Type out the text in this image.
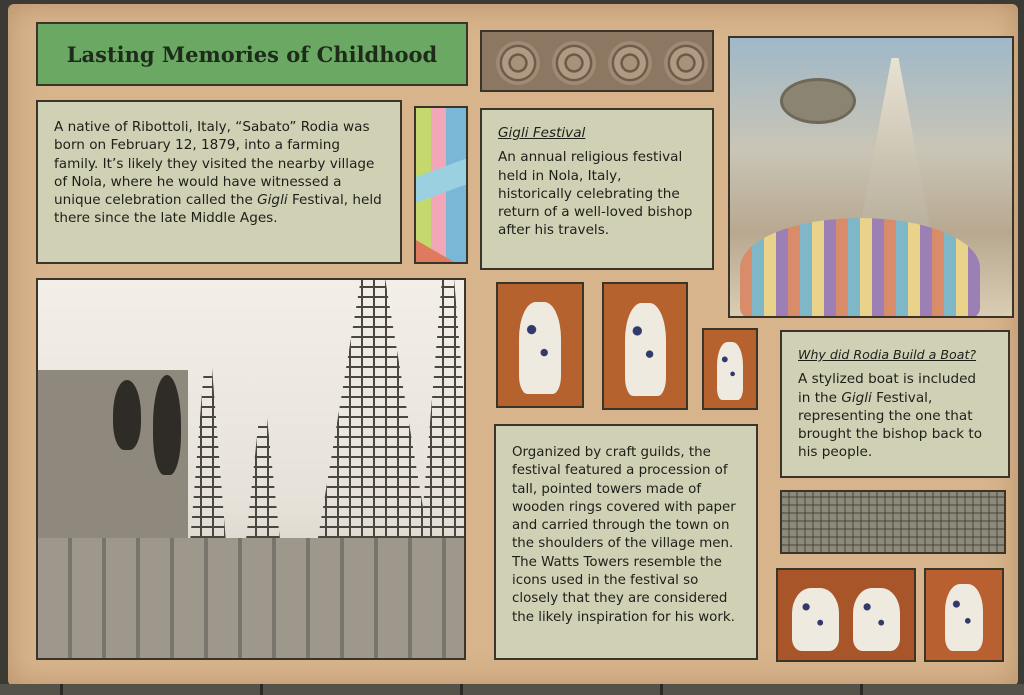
Lasting Memories of Childhood
A native of Ribottoli, Italy, “Sabato” Rodia was born on February 12, 1879, into a farming family. It’s likely they visited the nearby village of Nola, where he would have witnessed a unique celebration called the Gigli Festival, held there since the late Middle Ages.
Gigli Festival
An annual religious festival held in Nola, Italy, historically celebrating the return of a well-loved bishop after his travels.
Why did Rodia Build a Boat?
A stylized boat is included in the Gigli Festival, representing the one that brought the bishop back to his people.
Organized by craft guilds, the festival featured a procession of tall, pointed towers made of wooden rings covered with paper and carried through the town on the shoulders of the village men. The Watts Towers resemble the icons used in the festival so closely that they are considered the likely inspiration for his work.
